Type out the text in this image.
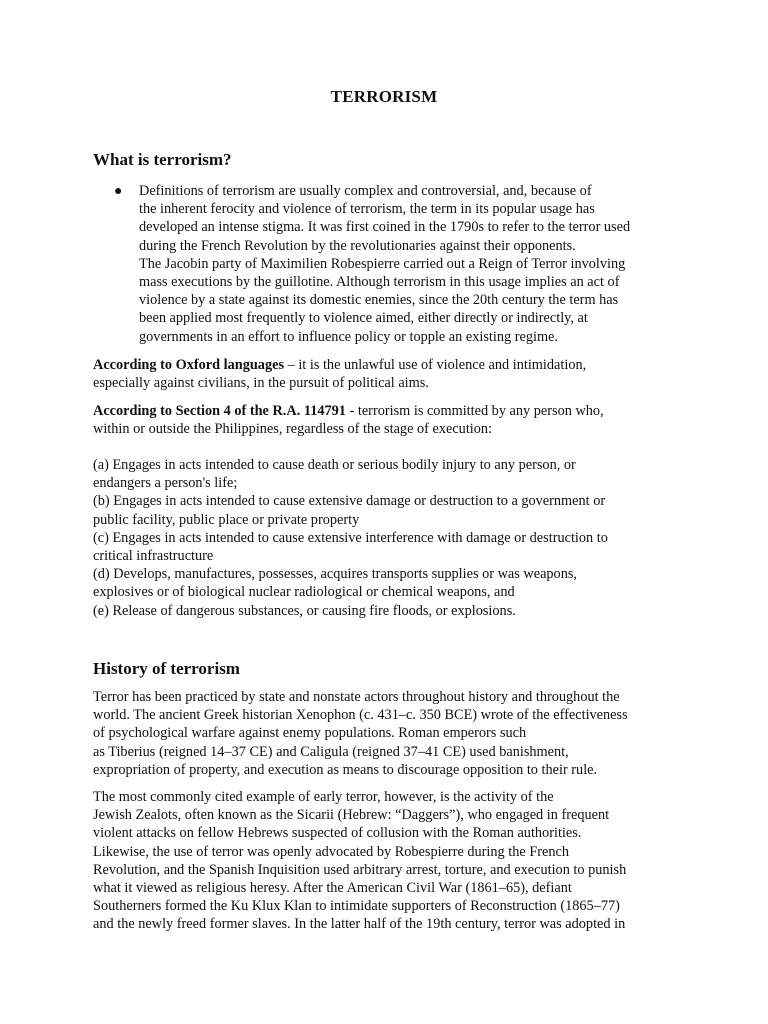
TERRORISM
What is terrorism?
● Definitions of terrorism are usually complex and controversial, and, because of
the inherent ferocity and violence of terrorism, the term in its popular usage has
developed an intense stigma. It was first coined in the 1790s to refer to the terror used
during the French Revolution by the revolutionaries against their opponents.
The Jacobin party of Maximilien Robespierre carried out a Reign of Terror involving
mass executions by the guillotine. Although terrorism in this usage implies an act of
violence by a state against its domestic enemies, since the 20th century the term has
been applied most frequently to violence aimed, either directly or indirectly, at
governments in an effort to influence policy or topple an existing regime.
According to Oxford languages – it is the unlawful use of violence and intimidation,
especially against civilians, in the pursuit of political aims.
According to Section 4 of the R.A. 114791 - terrorism is committed by any person who,
within or outside the Philippines, regardless of the stage of execution:
(a) Engages in acts intended to cause death or serious bodily injury to any person, or
endangers a person's life;
(b) Engages in acts intended to cause extensive damage or destruction to a government or
public facility, public place or private property
(c) Engages in acts intended to cause extensive interference with damage or destruction to
critical infrastructure
(d) Develops, manufactures, possesses, acquires transports supplies or was weapons,
explosives or of biological nuclear radiological or chemical weapons, and
(e) Release of dangerous substances, or causing fire floods, or explosions.
History of terrorism
Terror has been practiced by state and nonstate actors throughout history and throughout the
world. The ancient Greek historian Xenophon (c. 431–c. 350 BCE) wrote of the effectiveness
of psychological warfare against enemy populations. Roman emperors such
as Tiberius (reigned 14–37 CE) and Caligula (reigned 37–41 CE) used banishment,
expropriation of property, and execution as means to discourage opposition to their rule.
The most commonly cited example of early terror, however, is the activity of the
Jewish Zealots, often known as the Sicarii (Hebrew: “Daggers”), who engaged in frequent
violent attacks on fellow Hebrews suspected of collusion with the Roman authorities.
Likewise, the use of terror was openly advocated by Robespierre during the French
Revolution, and the Spanish Inquisition used arbitrary arrest, torture, and execution to punish
what it viewed as religious heresy. After the American Civil War (1861–65), defiant
Southerners formed the Ku Klux Klan to intimidate supporters of Reconstruction (1865–77)
and the newly freed former slaves. In the latter half of the 19th century, terror was adopted in
